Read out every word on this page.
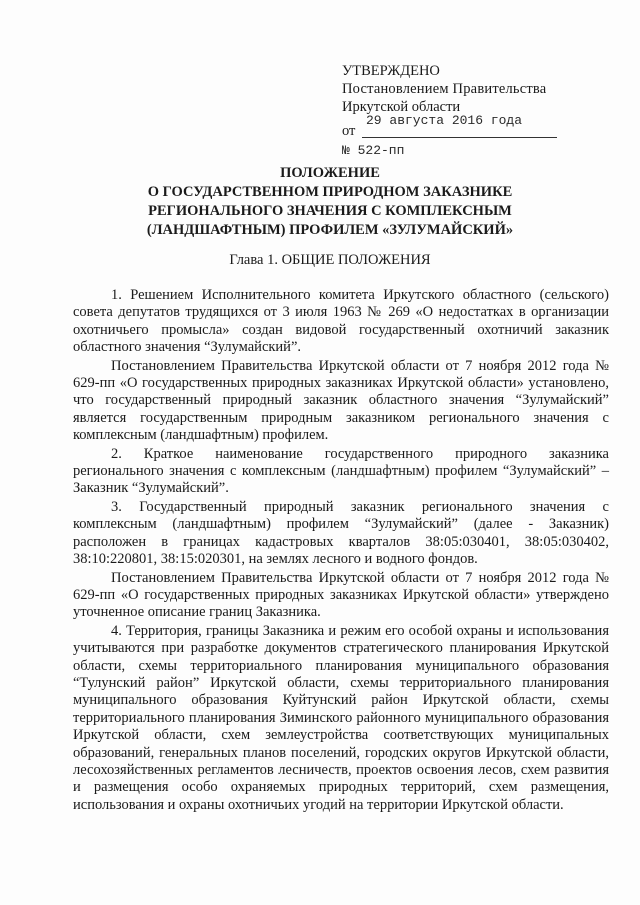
УТВЕРЖДЕНО
Постановлением Правительства
Иркутской области
от
29 августа 2016 года
№ 522-пп
ПОЛОЖЕНИЕ
О ГОСУДАРСТВЕННОМ ПРИРОДНОМ ЗАКАЗНИКЕ
РЕГИОНАЛЬНОГО ЗНАЧЕНИЯ С КОМПЛЕКСНЫМ
(ЛАНДШАФТНЫМ) ПРОФИЛЕМ «ЗУЛУМАЙСКИЙ»
Глава 1. ОБЩИЕ ПОЛОЖЕНИЯ

1. Решением Исполнительного комитета Иркутского областного (сельского) совета депутатов трудящихся от 3 июля 1963 № 269 «О недостатках в организации охотничьего промысла» создан видовой государственный охотничий заказник областного значения “Зулумайский”.

Постановлением Правительства Иркутской области от 7 ноября 2012 года № 629-пп «О государственных природных заказниках Иркутской области» установлено, что государственный природный заказник областного значения “Зулумайский” является государственным природным заказником регионального значения с комплексным (ландшафтным) профилем.

2. Краткое наименование государственного природного заказника регионального значения с комплексным (ландшафтным) профилем “Зулумайский” – Заказник “Зулумайский”.

3. Государственный природный заказник регионального значения с комплексным (ландшафтным) профилем “Зулумайский” (далее - Заказник) расположен в границах кадастровых кварталов 38:05:030401, 38:05:030402, 38:10:220801, 38:15:020301, на землях лесного и водного фондов.

Постановлением Правительства Иркутской области от 7 ноября 2012 года № 629-пп «О государственных природных заказниках Иркутской области» утверждено уточненное описание границ Заказника.

4. Территория, границы Заказника и режим его особой охраны и использования учитываются при разработке документов стратегического планирования Иркутской области, схемы территориального планирования муниципального образования “Тулунский район” Иркутской области, схемы территориального планирования муниципального образования Куйтунский район Иркутской области, схемы территориального планирования Зиминского районного муниципального образования Иркутской области, схем землеустройства соответствующих муниципальных образований, генеральных планов поселений, городских округов Иркутской области, лесохозяйственных регламентов лесничеств, проектов освоения лесов, схем развития и размещения особо охраняемых природных территорий, схем размещения, использования и охраны охотничьих угодий на территории Иркутской области.
